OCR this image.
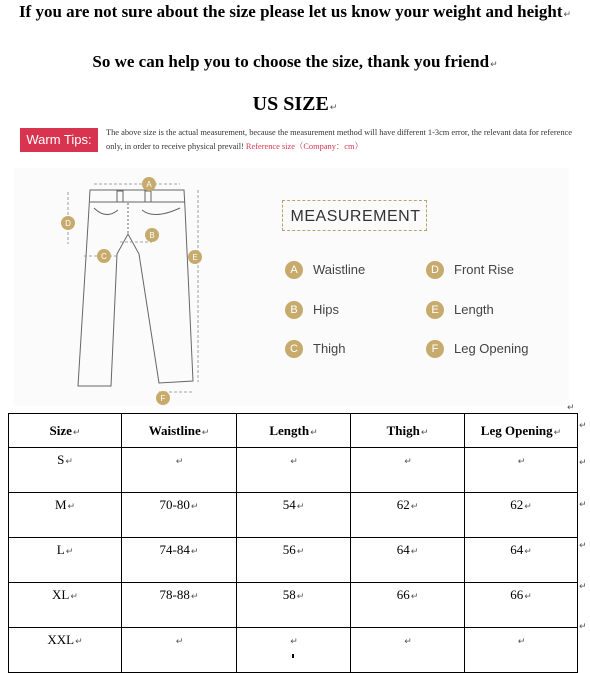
If you are not sure about the size please let us know your weight and height↵
So we can help you to choose the size, thank you friend↵
US SIZE↵
Warm Tips:	The above size is the actual measurement, because the measurement method will have different 1-3cm error, the relevant data for reference only, in order to receive physical prevail! Reference size（Company：cm）
A
B
C
D
E
F
MEASUREMENT
A	Waistline
B	Hips
C	Thigh
D	Front Rise
E	Length
F	Leg Opening
↵
Size↵	Waistline↵	Length↵	Thigh↵	Leg Opening↵
S↵	↵	↵	↵	↵
M↵	70-80↵	54↵	62↵	62↵
L↵	74-84↵	56↵	64↵	64↵
XL↵	78-88↵	58↵	66↵	66↵
XXL↵	↵	↵	↵	↵
↵
↵
↵
↵
↵
↵
